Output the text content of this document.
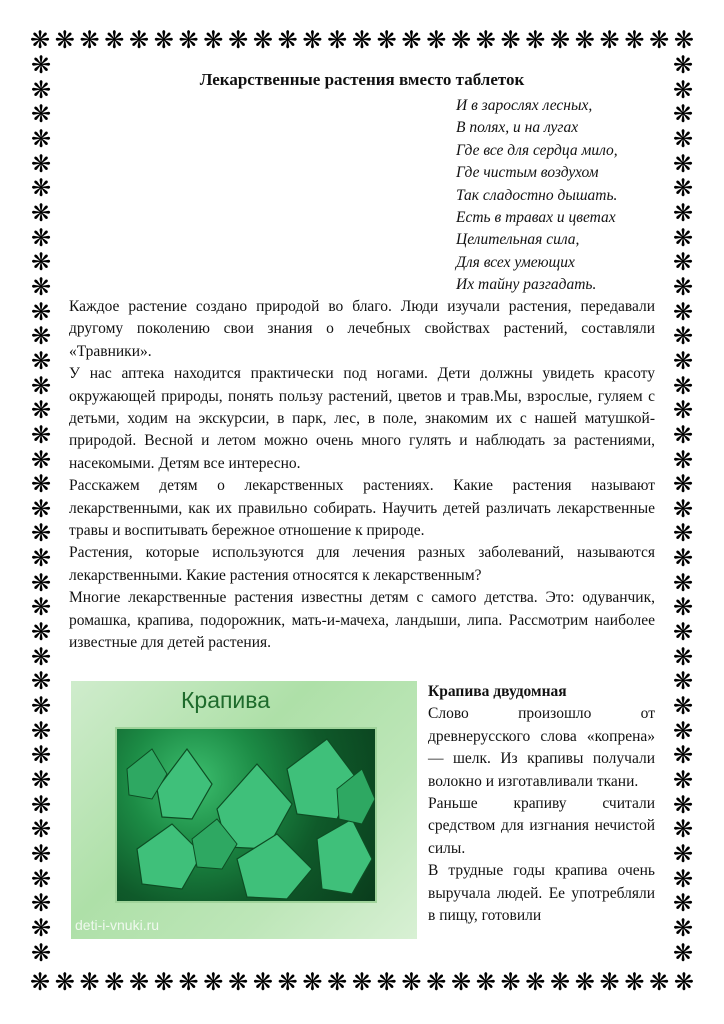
❋ ❋ ❋ ❋ ❋ ❋ ❋ ❋ ❋ ❋ ❋ ❋ ❋ ❋ ❋ ❋ ❋ ❋ ❋ ❋ ❋ ❋ ❋ ❋ ❋ ❋ ❋
❋ ❋ ❋ ❋ ❋ ❋ ❋ ❋ ❋ ❋ ❋ ❋ ❋ ❋ ❋ ❋ ❋ ❋ ❋ ❋ ❋ ❋ ❋ ❋ ❋ ❋ ❋
❋
❋
❋
❋
❋
❋
❋
❋
❋
❋
❋
❋
❋
❋
❋
❋
❋
❋
❋
❋
❋
❋
❋
❋
❋
❋
❋
❋
❋
❋
❋
❋
❋
❋
❋
❋
❋
❋
❋
❋
❋
❋
❋
❋
❋
❋
❋
❋
❋
❋
❋
❋
❋
❋
❋
❋
❋
❋
❋
❋
❋
❋
❋
❋
❋
❋
❋
❋
❋
❋
❋
❋
❋
❋
Лекарственные растения вместо таблеток
И в зарослях лесных,
В полях, и на лугах
Где все для сердца мило,
Где чистым воздухом
Так сладостно дышать.
Есть в травах и цветах
Целительная сила,
Для всех умеющих
Их тайну разгадать.

Каждое растение создано природой во благо. Люди изучали растения, передавали другому поколению свои знания о лечебных свойствах растений, составляли «Травники».

У нас аптека находится практически под ногами. Дети должны увидеть красоту окружающей природы, понять пользу растений, цветов и трав.Мы, взрослые, гуляем с детьми, ходим на экскурсии, в парк, лес, в поле, знакомим их с нашей матушкой-природой. Весной и летом можно очень много гулять и наблюдать за растениями, насекомыми. Детям все интересно.

Расскажем детям о лекарственных растениях. Какие растения называют лекарственными, как их правильно собирать. Научить детей различать лекарственные травы и воспитывать бережное отношение к природе.

Растения, которые используются для лечения разных заболеваний, называются лекарственными. Какие растения относятся к лекарственным?

Многие лекарственные растения известны детям с самого детства. Это: одуванчик, ромашка, крапива, подорожник, мать-и-мачеха, ландыши, липа. Рассмотрим наиболее известные для детей растения.

Крапива
deti-i-vnuki.ru

Крапива двудомная

Слово произошло от древнерусского слова «копрена» — шелк. Из крапивы получали волокно и изготавливали ткани.

Раньше крапиву считали средством для изгнания нечистой силы.

В трудные годы крапива очень выручала людей. Ее употребляли в пищу, готовили
